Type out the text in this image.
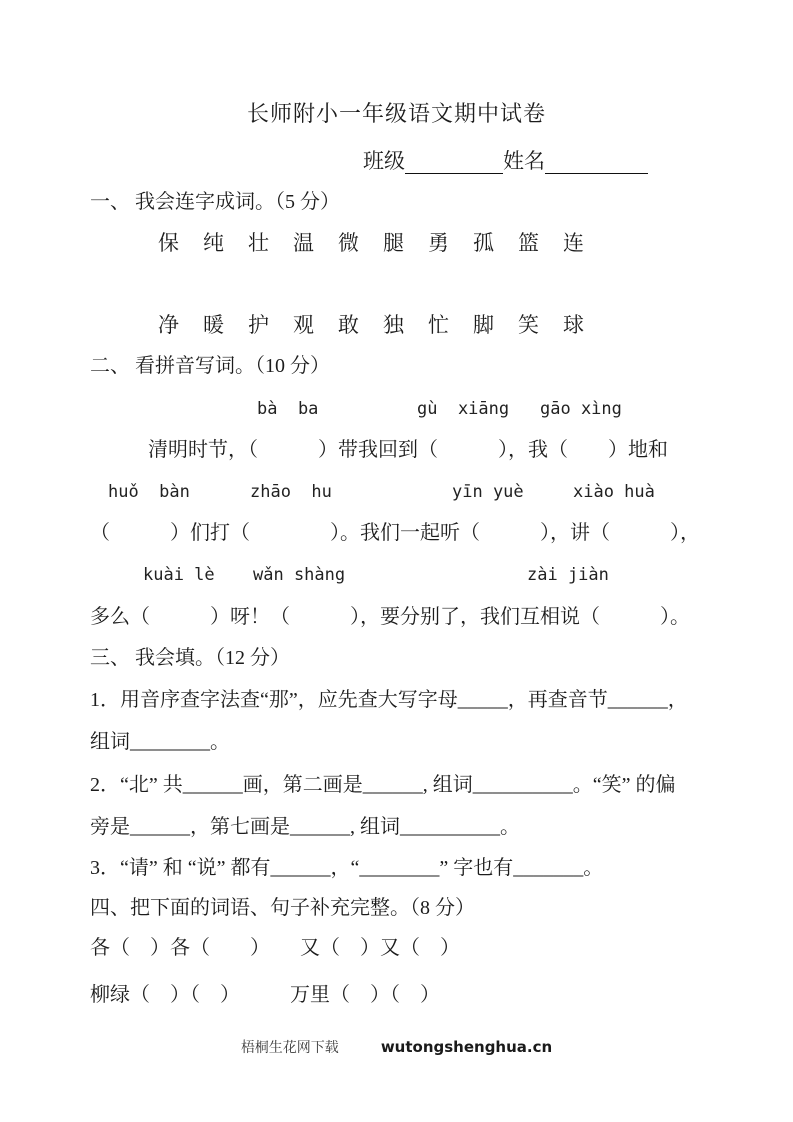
长师附小一年级语文期中试卷
班级	姓名
一、 我会连字成词。（5 分）
保 纯 壮 温 微 腿 勇 孤 篮 连
净 暖 护 观 敢 独 忙 脚 笑 球
二、 看拼音写词。（10 分）

bà  ba

	gù  xiāng

gāo xìng

清明时节，（　　　）带我回到（　　　），我（　　）地和

huǒ  bàn

	zhāo  hu

	yīn yuè

	xiào huà

（　　　）们打（　　　　）。我们一起听（　　　），讲（　　　），

kuài lè

wǎn shàng

	zài jiàn

多么（　　　）呀！（　　　），要分别了，我们互相说（　　　）。
三、 我会填。（12 分）
1．用音序查字法查“那”，应先查大写字母_____，再查音节______，
组词________。
2．“北” 共______画，第二画是______, 组词__________。“笑” 的偏
旁是______，第七画是______, 组词__________。
3．“请” 和 “说” 都有______，“________” 字也有_______。
四、把下面的词语、句子补充完整。（8 分）
各（　）各（　　）　　又（　）又（　）
柳绿（　）（　）　　　万里（　）（　）
梧桐生花网下载	wutongshenghua.cn
